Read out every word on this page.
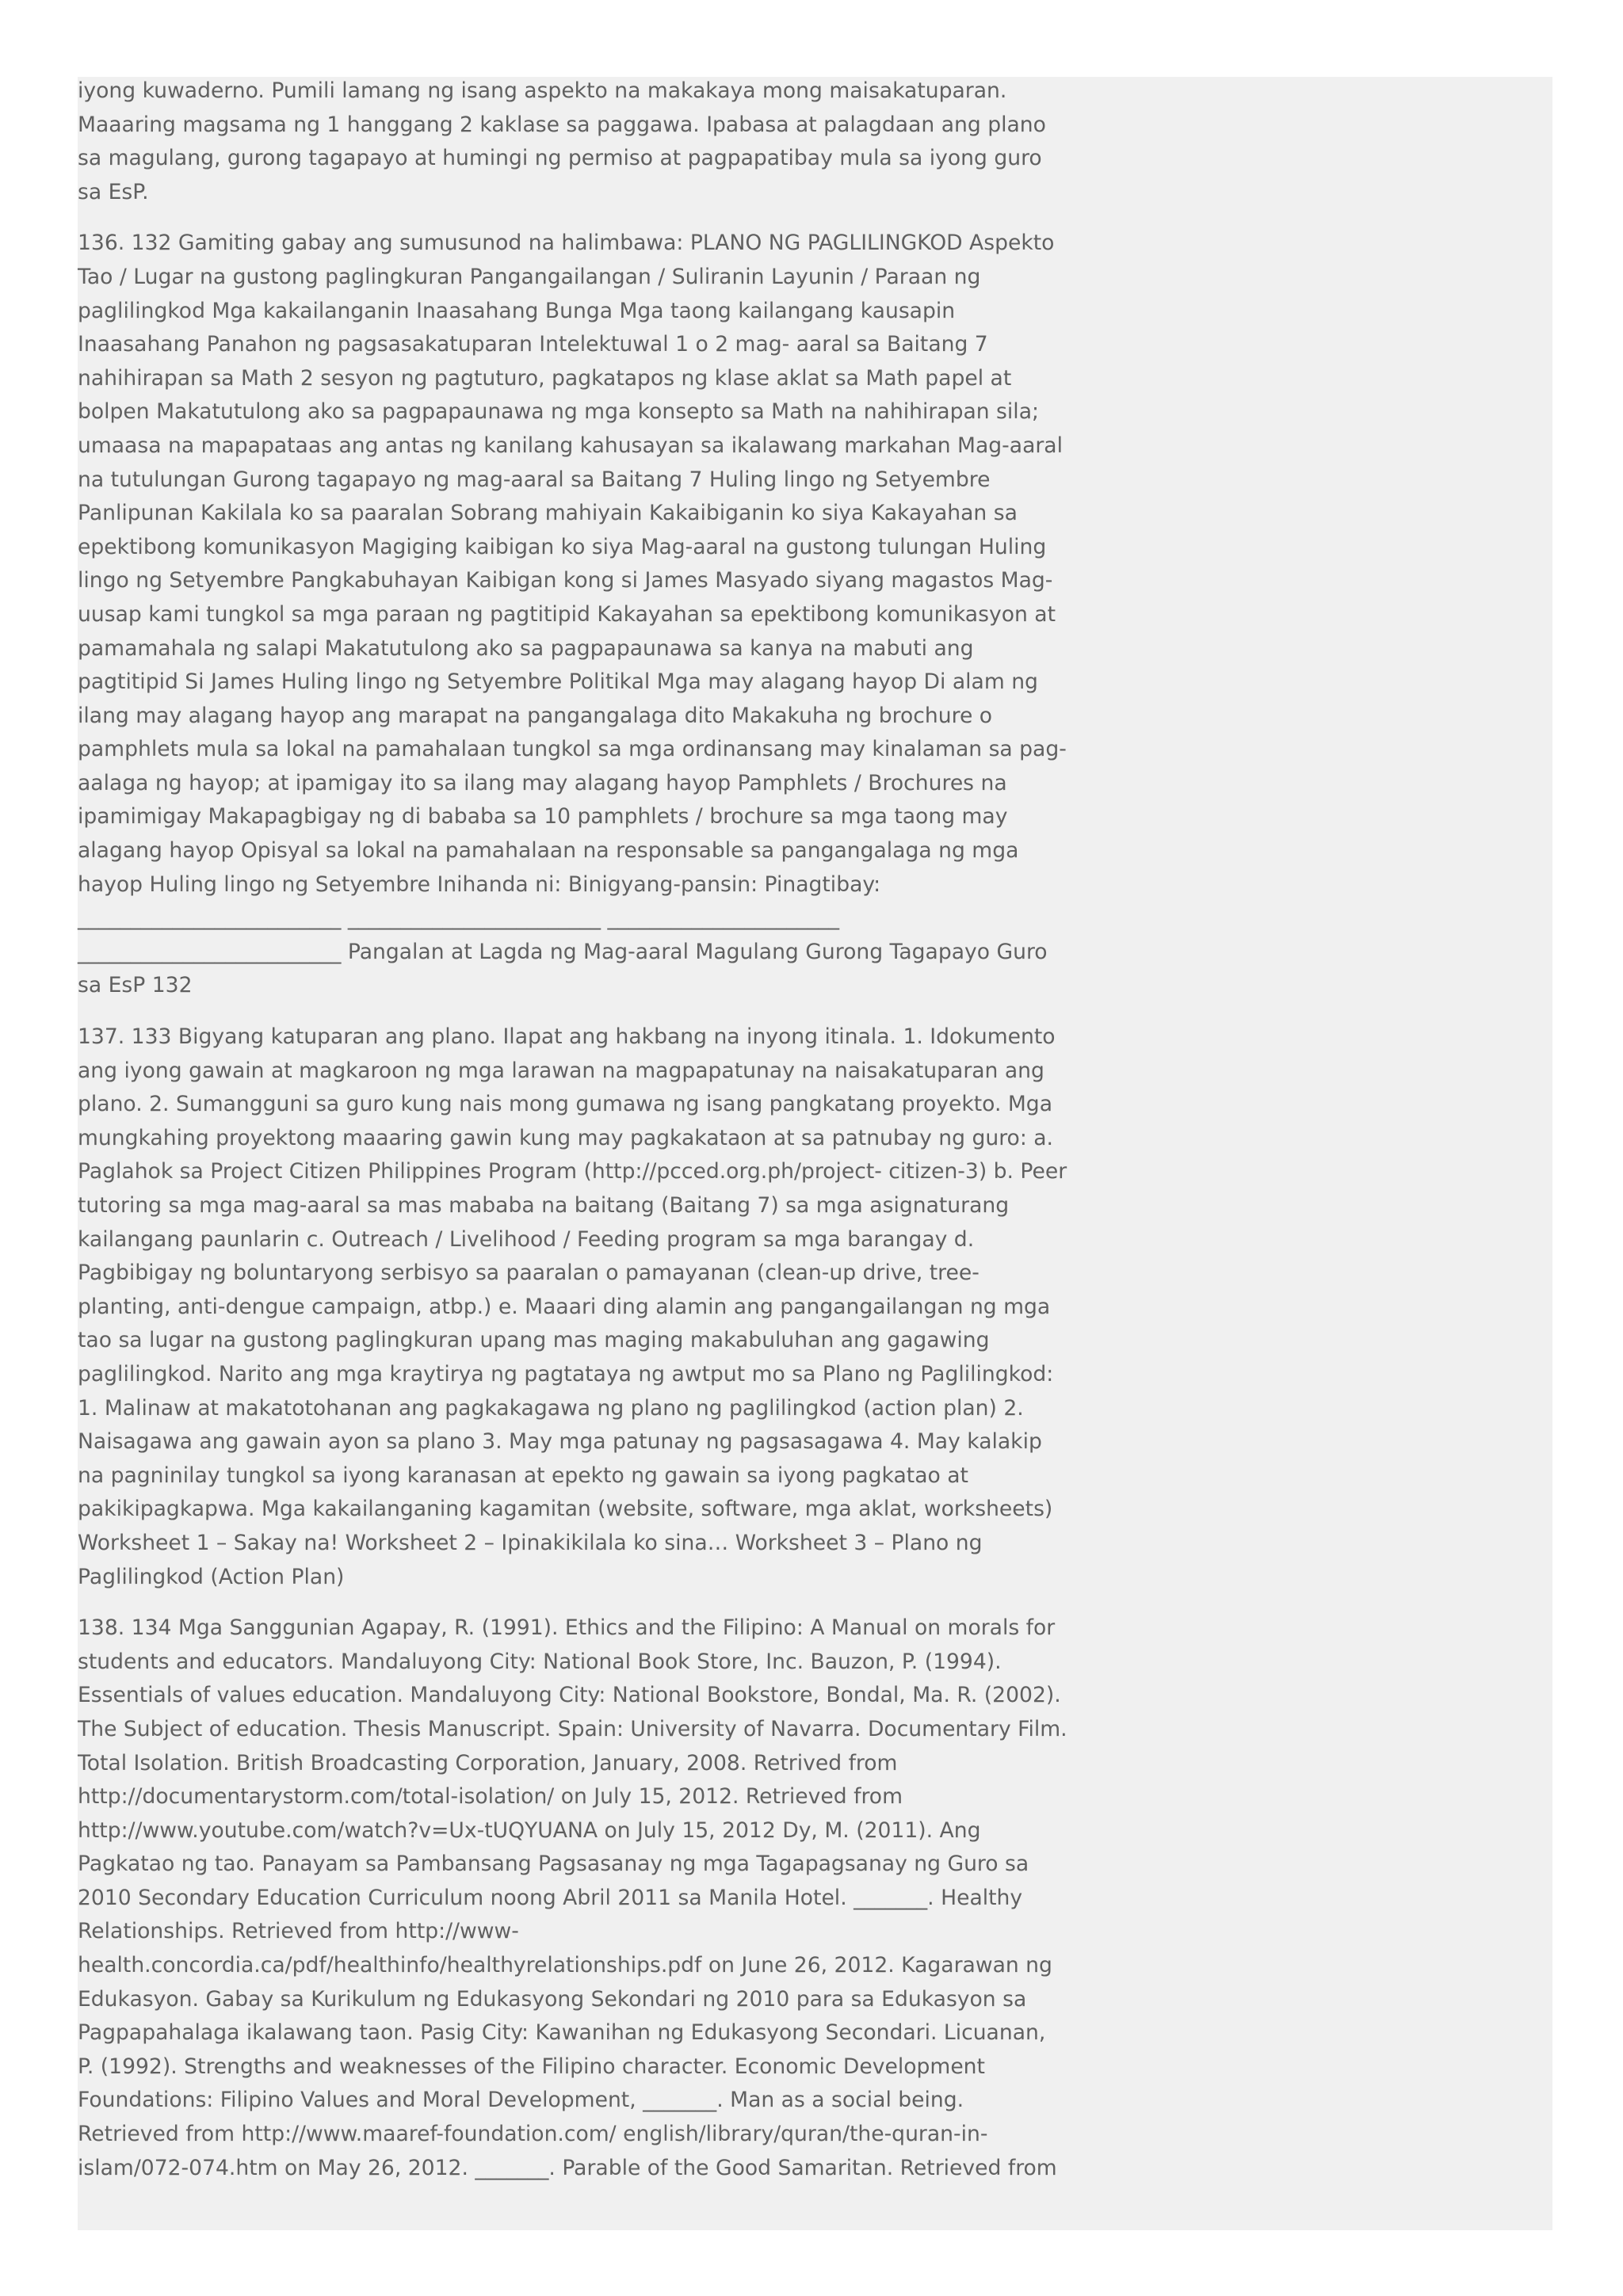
iyong kuwaderno. Pumili lamang ng isang aspekto na makakaya mong maisakatuparan. Maaaring magsama ng 1 hanggang 2 kaklase sa paggawa. Ipabasa at palagdaan ang plano sa magulang, gurong tagapayo at humingi ng permiso at pagpapatibay mula sa iyong guro sa EsP.

136. 132 Gamiting gabay ang sumusunod na halimbawa: PLANO NG PAGLILINGKOD Aspekto Tao / Lugar na gustong paglingkuran Pangangailangan / Suliranin Layunin / Paraan ng paglilingkod Mga kakailanganin Inaasahang Bunga Mga taong kailangang kausapin Inaasahang Panahon ng pagsasakatuparan Intelektuwal 1 o 2 mag- aaral sa Baitang 7 nahihirapan sa Math 2 sesyon ng pagtuturo, pagkatapos ng klase aklat sa Math papel at bolpen Makatutulong ako sa pagpapaunawa ng mga konsepto sa Math na nahihirapan sila; umaasa na mapapataas ang antas ng kanilang kahusayan sa ikalawang markahan Mag-aaral na tutulungan Gurong tagapayo ng mag-aaral sa Baitang 7 Huling lingo ng Setyembre Panlipunan Kakilala ko sa paaralan Sobrang mahiyain Kakaibiganin ko siya Kakayahan sa epektibong komunikasyon Magiging kaibigan ko siya Mag-aaral na gustong tulungan Huling lingo ng Setyembre Pangkabuhayan Kaibigan kong si James Masyado siyang magastos Mag-uusap kami tungkol sa mga paraan ng pagtitipid Kakayahan sa epektibong komunikasyon at pamamahala ng salapi Makatutulong ako sa pagpapaunawa sa kanya na mabuti ang pagtitipid Si James Huling lingo ng Setyembre Politikal Mga may alagang hayop Di alam ng ilang may alagang hayop ang marapat na pangangalaga dito Makakuha ng brochure o pamphlets mula sa lokal na pamahalaan tungkol sa mga ordinansang may kinalaman sa pag-aalaga ng hayop; at ipamigay ito sa ilang may alagang hayop Pamphlets / Brochures na ipamimigay Makapagbigay ng di bababa sa 10 pamphlets / brochure sa mga taong may alagang hayop Opisyal sa lokal na pamahalaan na responsable sa pangangalaga ng mga hayop Huling lingo ng Setyembre Inihanda ni: Binigyang-pansin: Pinagtibay: _________________________ ________________________ ______________________ _________________________ Pangalan at Lagda ng Mag-aaral Magulang Gurong Tagapayo Guro sa EsP 132

137. 133 Bigyang katuparan ang plano. Ilapat ang hakbang na inyong itinala. 1. Idokumento ang iyong gawain at magkaroon ng mga larawan na magpapatunay na naisakatuparan ang plano. 2. Sumangguni sa guro kung nais mong gumawa ng isang pangkatang proyekto. Mga mungkahing proyektong maaaring gawin kung may pagkakataon at sa patnubay ng guro: a. Paglahok sa Project Citizen Philippines Program (http://pcced.org.ph/project- citizen-3) b. Peer tutoring sa mga mag-aaral sa mas mababa na baitang (Baitang 7) sa mga asignaturang kailangang paunlarin c. Outreach / Livelihood / Feeding program sa mga barangay d. Pagbibigay ng boluntaryong serbisyo sa paaralan o pamayanan (clean-up drive, tree-planting, anti-dengue campaign, atbp.) e. Maaari ding alamin ang pangangailangan ng mga tao sa lugar na gustong paglingkuran upang mas maging makabuluhan ang gagawing paglilingkod. Narito ang mga kraytirya ng pagtataya ng awtput mo sa Plano ng Paglilingkod: 1. Malinaw at makatotohanan ang pagkakagawa ng plano ng paglilingkod (action plan) 2. Naisagawa ang gawain ayon sa plano 3. May mga patunay ng pagsasagawa 4. May kalakip na pagninilay tungkol sa iyong karanasan at epekto ng gawain sa iyong pagkatao at pakikipagkapwa. Mga kakailanganing kagamitan (website, software, mga aklat, worksheets) Worksheet 1 – Sakay na! Worksheet 2 – Ipinakikilala ko sina… Worksheet 3 – Plano ng Paglilingkod (Action Plan)

138. 134 Mga Sanggunian Agapay, R. (1991). Ethics and the Filipino: A Manual on morals for students and educators. Mandaluyong City: National Book Store, Inc. Bauzon, P. (1994). Essentials of values education. Mandaluyong City: National Bookstore, Bondal, Ma. R. (2002). The Subject of education. Thesis Manuscript. Spain: University of Navarra. Documentary Film. Total Isolation. British Broadcasting Corporation, January, 2008. Retrived from http://documentarystorm.com/total-isolation/ on July 15, 2012. Retrieved from http://www.youtube.com/watch?v=Ux-tUQYUANA on July 15, 2012 Dy, M. (2011). Ang Pagkatao ng tao. Panayam sa Pambansang Pagsasanay ng mga Tagapagsanay ng Guro sa 2010 Secondary Education Curriculum noong Abril 2011 sa Manila Hotel. _______. Healthy Relationships. Retrieved from http://www-health.concordia.ca/pdf/healthinfo/healthyrelationships.pdf on June 26, 2012. Kagarawan ng Edukasyon. Gabay sa Kurikulum ng Edukasyong Sekondari ng 2010 para sa Edukasyon sa Pagpapahalaga ikalawang taon. Pasig City: Kawanihan ng Edukasyong Secondari. Licuanan, P. (1992). Strengths and weaknesses of the Filipino character. Economic Development Foundations: Filipino Values and Moral Development, _______. Man as a social being. Retrieved from http://www.maaref-foundation.com/ english/library/quran/the-quran-in-islam/072-074.htm on May 26, 2012. _______. Parable of the Good Samaritan. Retrieved from
